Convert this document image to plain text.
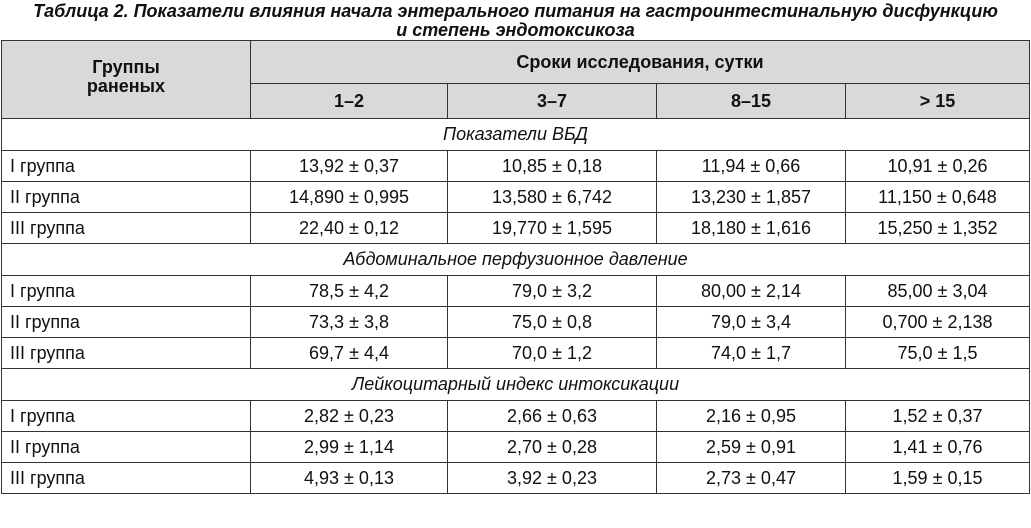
Таблица 2. Показатели влияния начала энтерального питания на гастроинтестинальную дисфункцию
и степень эндотоксикоза
Группы
раненых	Сроки исследования, сутки			
	1–2	3–7	8–15	> 15
Показатели ВБД				
I группа	13,92 ± 0,37	10,85 ± 0,18	11,94 ± 0,66	10,91 ± 0,26
II группа	14,890 ± 0,995	13,580 ± 6,742	13,230 ± 1,857	11,150 ± 0,648
III группа	22,40 ± 0,12	19,770 ± 1,595	18,180 ± 1,616	15,250 ± 1,352
Абдоминальное перфузионное давление				
I группа	78,5 ± 4,2	79,0 ± 3,2	80,00 ± 2,14	85,00 ± 3,04
II группа	73,3 ± 3,8	75,0 ± 0,8	79,0 ± 3,4	0,700 ± 2,138
III группа	69,7 ± 4,4	70,0 ± 1,2	74,0 ± 1,7	75,0 ± 1,5
Лейкоцитарный индекс интоксикации				
I группа	2,82 ± 0,23	2,66 ± 0,63	2,16 ± 0,95	1,52 ± 0,37
II группа	2,99 ± 1,14	2,70 ± 0,28	2,59 ± 0,91	1,41 ± 0,76
III группа	4,93 ± 0,13	3,92 ± 0,23	2,73 ± 0,47	1,59 ± 0,15
